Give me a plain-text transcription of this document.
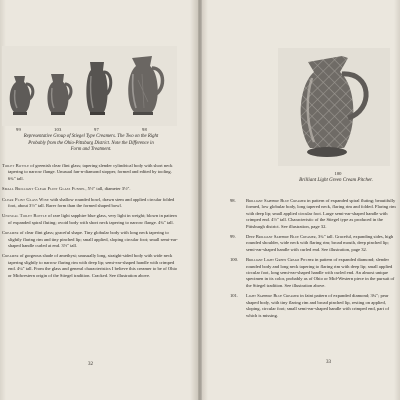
99	103	97	98
Representative Group of Stiegel Type Creamers. The Two on the Right
Probably from the Ohio-Pittsburg District. Note the Difference in
Form and Treatment.

Toilet Bottle of greenish clear flint glass; tapering slender cylindrical body with short neck tapering to narrow flange. Unusual fan-n-diamond stopper, formed and edited by tooling. 6¾" tall.

Small Brilliant Clear Flint Glass Funnel, 5½" tall, diameter 3½".

Clear Flint Glass Wine with shallow rounded bowl, drawn stem and applied circular folded foot, about 3½" tall. Rarer form than the formed shaped bowl.

Unusual Toilet Bottle of rare light sapphire blue glass, very light in weight; blown in pattern of expanded spiral fluting; ovoid body with short neck tapering to narrow flange. 4¾" tall.

Creamer of clear flint glass; graceful shape. Tiny globular body with long neck tapering to slightly flaring rim and tiny pinched lip; small applied, sloping circular foot; small semi-ear-shaped handle curled at end. 3½" tall.

Creamer of gorgeous shade of amethyst; unusually long, straight-sided body with wide neck tapering slightly to narrow flaring rim with deep lip; semi-ear-shaped handle with crimped end. 4¼" tall. From the glass and general characteristics I believe this creamer to be of Ohio or Midwestern origin of the Stiegel tradition. Cracked. See illustration above.

32
100
Brilliant Light Green Cream Pitcher.

98. Brilliant Sapphire Blue Creamer in pattern of expanded spiral fluting; beautifully formed, low globular body, long tapered neck, flaring rim and folded. Flaring rim with deep lip; small applied circular foot. Large semi-ear-shaped handle with crimped end. 4½" tall. Characteristic of the Stiegel type as produced in the Pittsburgh district. See illustration, page 32.

99. Deep Brilliant Sapphire Blue Creamer, 3¾" tall. Graceful, expanding sides, high rounded shoulder, wide neck with flaring rim; broad mouth, deep pinched lip; semi-ear-shaped handle with curled end. See illustration, page 32.

100. Brilliant Light Green Cream Pitcher in pattern of expanded diamond; slender rounded body and long neck tapering to flaring rim with deep lip; small applied circular foot, long semi-ear-shaped handle with curled end. An almost unique specimen in its color, probably as of Ohio or Mid-Western piece in the pursuit of the Stiegel tradition. See illustration above.

101. Light Sapphire Blue Creamer in faint pattern of expanded diamond; 3¾"; pear shaped body, with tiny flaring rim and broad pinched lip, resting on applied, sloping, circular foot; small semi-ear-shaped handle with crimped end, part of which is missing.

33
